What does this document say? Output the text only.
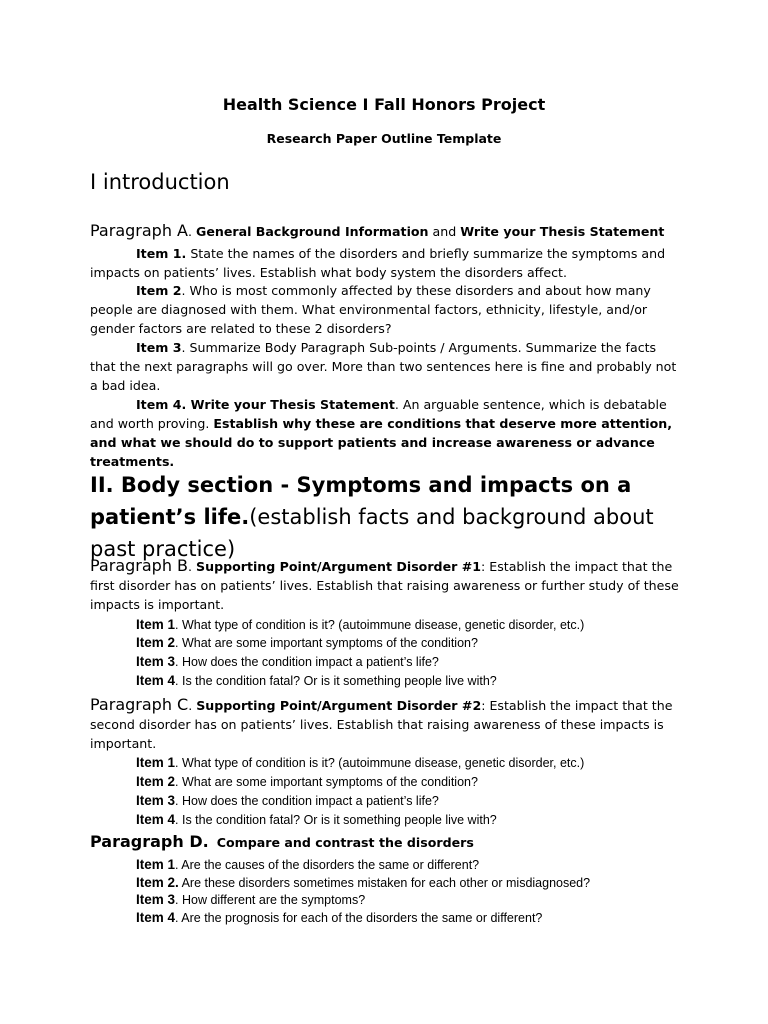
Health Science I Fall Honors Project
Research Paper Outline Template
I introduction
Paragraph A. General Background Information and Write your Thesis Statement
Item 1. State the names of the disorders and briefly summarize the symptoms and impacts on patients’ lives. Establish what body system the disorders affect.
Item 2. Who is most commonly affected by these disorders and about how many people are diagnosed with them. What environmental factors, ethnicity, lifestyle, and/or gender factors are related to these 2 disorders?
Item 3. Summarize Body Paragraph Sub-points / Arguments. Summarize the facts that the next paragraphs will go over. More than two sentences here is fine and probably not a bad idea.
Item 4. Write your Thesis Statement. An arguable sentence, which is debatable and worth proving. Establish why these are conditions that deserve more attention, and what we should do to support patients and increase awareness or advance treatments.
II. Body section - Symptoms and impacts on a patient’s life.(establish facts and background about past practice)
Paragraph B. Supporting Point/Argument Disorder #1: Establish the impact that the first disorder has on patients’ lives. Establish that raising awareness or further study of these impacts is important.
Item 1. What type of condition is it? (autoimmune disease, genetic disorder, etc.)
Item 2. What are some important symptoms of the condition?
Item 3. How does the condition impact a patient’s life?
Item 4. Is the condition fatal? Or is it something people live with?
Paragraph C. Supporting Point/Argument Disorder #2: Establish the impact that the second disorder has on patients’ lives. Establish that raising awareness of these impacts is important.
Item 1. What type of condition is it? (autoimmune disease, genetic disorder, etc.)
Item 2. What are some important symptoms of the condition?
Item 3. How does the condition impact a patient’s life?
Item 4. Is the condition fatal? Or is it something people live with?
Paragraph D. Compare and contrast the disorders
Item 1. Are the causes of the disorders the same or different?
Item 2. Are these disorders sometimes mistaken for each other or misdiagnosed?
Item 3. How different are the symptoms?
Item 4. Are the prognosis for each of the disorders the same or different?
